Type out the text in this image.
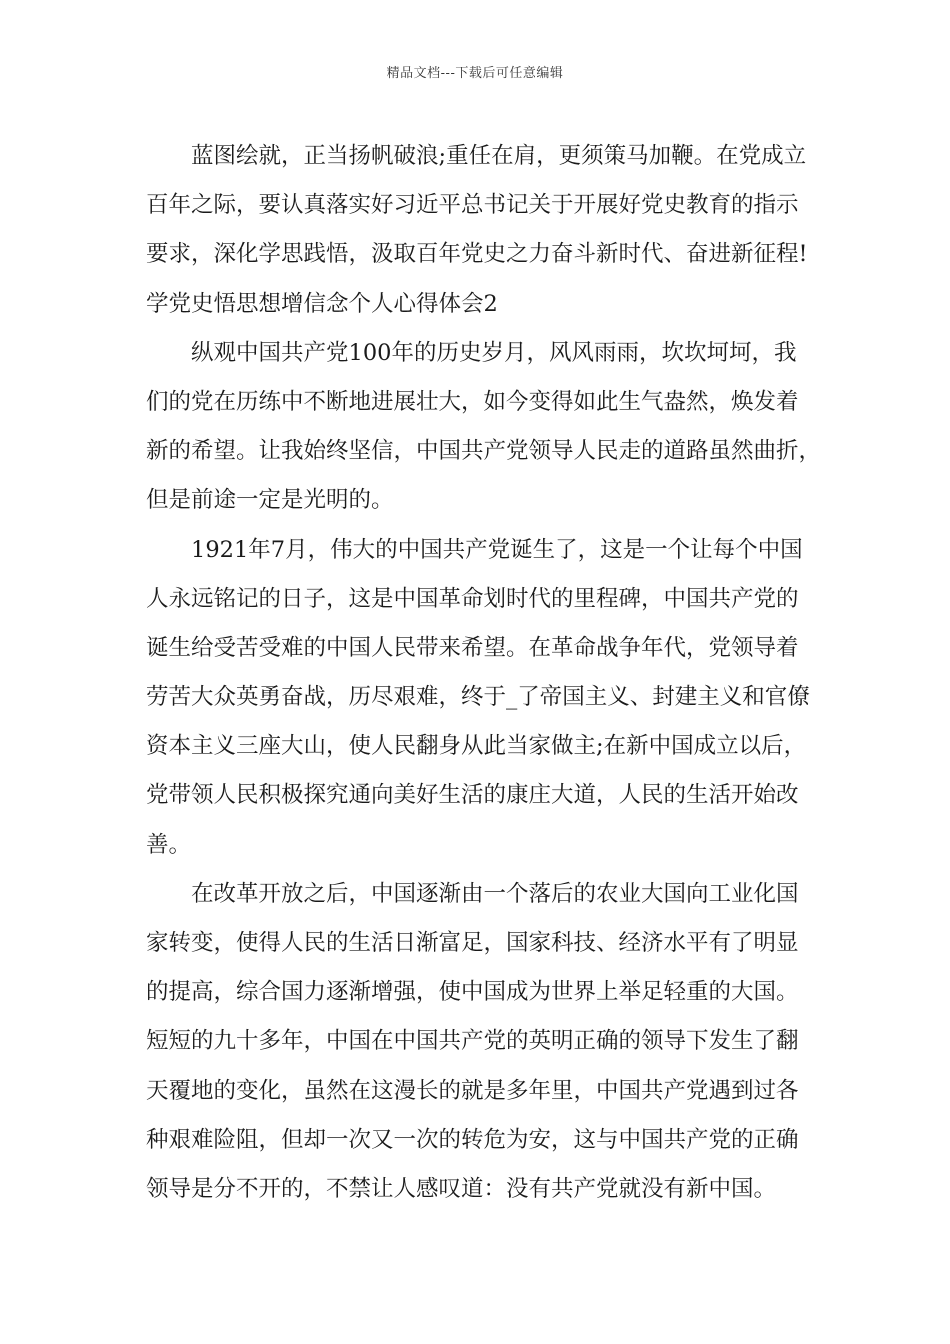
精品文档---下载后可任意编辑
蓝图绘就，正当扬帆破浪;重任在肩，更须策马加鞭。在党成立
百年之际，要认真落实好习近平总书记关于开展好党史教育的指示
要求，深化学思践悟，汲取百年党史之力奋斗新时代、奋进新征程!
学党史悟思想增信念个人心得体会2
纵观中国共产党100年的历史岁月，风风雨雨，坎坎坷坷，我
们的党在历练中不断地进展壮大，如今变得如此生气盎然，焕发着
新的希望。让我始终坚信，中国共产党领导人民走的道路虽然曲折，
但是前途一定是光明的。
1921年7月，伟大的中国共产党诞生了，这是一个让每个中国
人永远铭记的日子，这是中国革命划时代的里程碑，中国共产党的
诞生给受苦受难的中国人民带来希望。在革命战争年代，党领导着
劳苦大众英勇奋战，历尽艰难，终于_了帝国主义、封建主义和官僚
资本主义三座大山，使人民翻身从此当家做主;在新中国成立以后，
党带领人民积极探究通向美好生活的康庄大道，人民的生活开始改
善。
在改革开放之后，中国逐渐由一个落后的农业大国向工业化国
家转变，使得人民的生活日渐富足，国家科技、经济水平有了明显
的提高，综合国力逐渐增强，使中国成为世界上举足轻重的大国。
短短的九十多年，中国在中国共产党的英明正确的领导下发生了翻
天覆地的变化，虽然在这漫长的就是多年里，中国共产党遇到过各
种艰难险阻，但却一次又一次的转危为安，这与中国共产党的正确
领导是分不开的，不禁让人感叹道：没有共产党就没有新中国。
